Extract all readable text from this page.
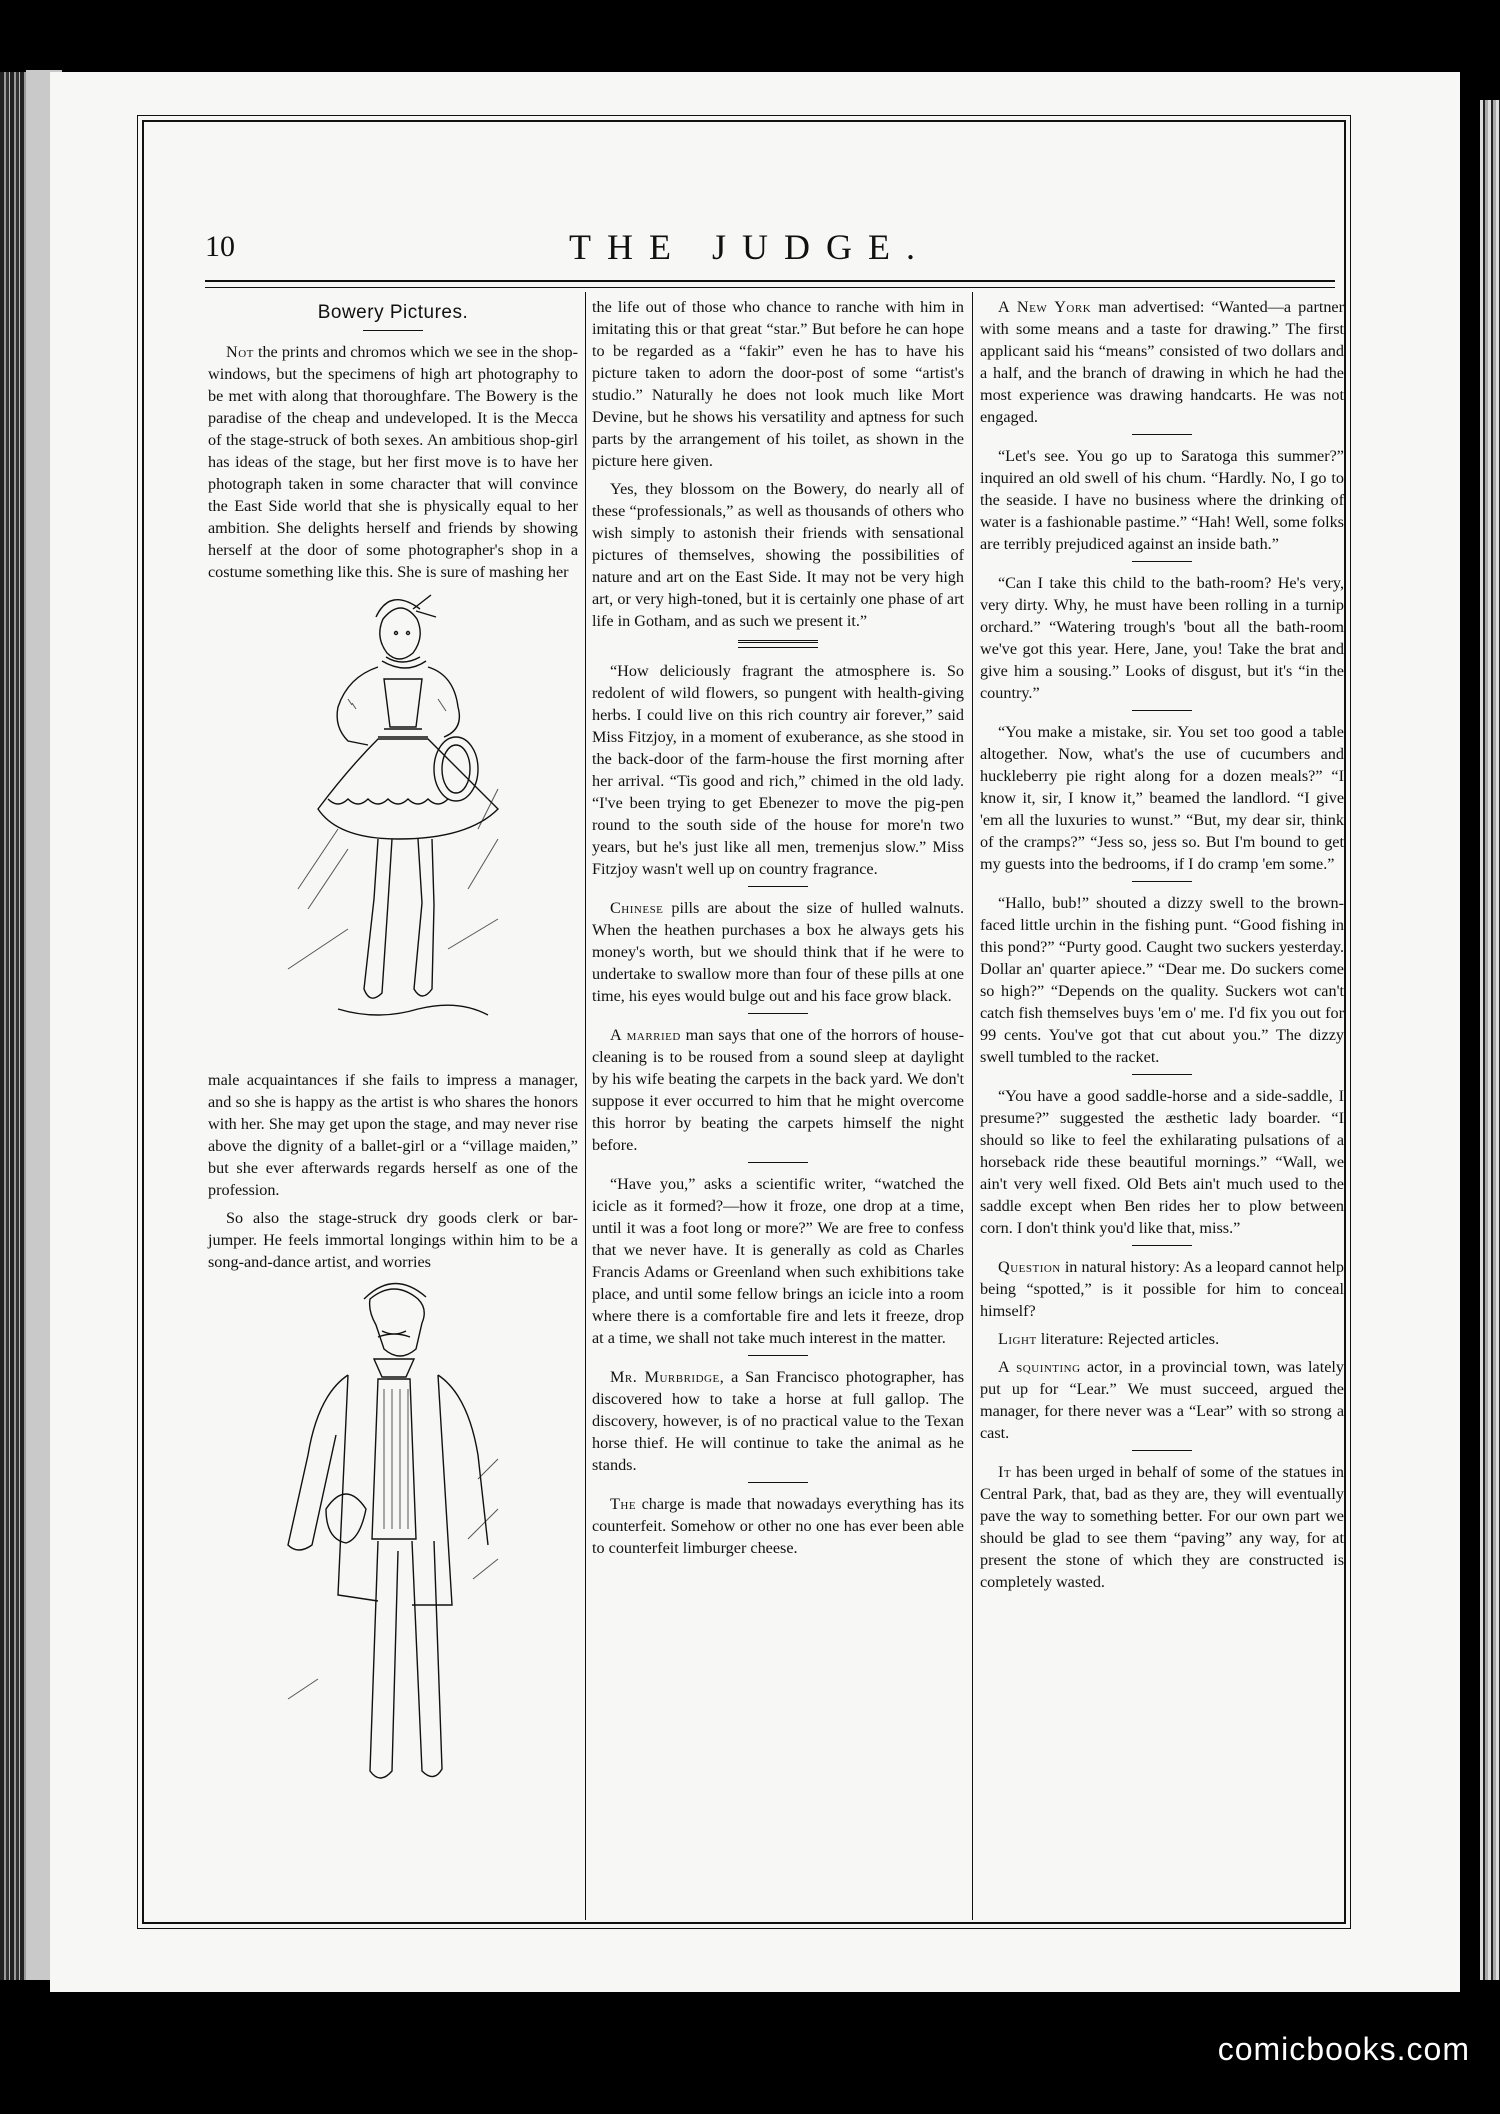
10	THE JUDGE.
Bowery Pictures.

Not the prints and chromos which we see in the shop-windows, but the specimens of high art photography to be met with along that thoroughfare. The Bowery is the paradise of the cheap and undeveloped. It is the Mecca of the stage-struck of both sexes. An ambitious shop-girl has ideas of the stage, but her first move is to have her photograph taken in some character that will convince the East Side world that she is physically equal to her ambition. She delights herself and friends by showing herself at the door of some photographer's shop in a costume something like this. She is sure of mashing her

male acquaintances if she fails to impress a manager, and so she is happy as the artist is who shares the honors with her. She may get upon the stage, and may never rise above the dignity of a ballet-girl or a “village maiden,” but she ever afterwards regards herself as one of the profession.

So also the stage-struck dry goods clerk or bar-jumper. He feels immortal longings within him to be a song-and-dance artist, and worries

the life out of those who chance to ranche with him in imitating this or that great “star.” But before he can hope to be regarded as a “fakir” even he has to have his picture taken to adorn the door-post of some “artist's studio.” Naturally he does not look much like Mort Devine, but he shows his versatility and aptness for such parts by the arrangement of his toilet, as shown in the picture here given.

Yes, they blossom on the Bowery, do nearly all of these “professionals,” as well as thousands of others who wish simply to astonish their friends with sensational pictures of themselves, showing the possibilities of nature and art on the East Side. It may not be very high art, or very high-toned, but it is certainly one phase of art life in Gotham, and as such we present it.”

“How deliciously fragrant the atmosphere is. So redolent of wild flowers, so pungent with health-giving herbs. I could live on this rich country air forever,” said Miss Fitzjoy, in a moment of exuberance, as she stood in the back-door of the farm-house the first morning after her arrival. “Tis good and rich,” chimed in the old lady. “I've been trying to get Ebenezer to move the pig-pen round to the south side of the house for more'n two years, but he's just like all men, tremenjus slow.” Miss Fitzjoy wasn't well up on country fragrance.

Chinese pills are about the size of hulled walnuts. When the heathen purchases a box he always gets his money's worth, but we should think that if he were to undertake to swallow more than four of these pills at one time, his eyes would bulge out and his face grow black.

A married man says that one of the horrors of house-cleaning is to be roused from a sound sleep at daylight by his wife beating the carpets in the back yard. We don't suppose it ever occurred to him that he might overcome this horror by beating the carpets himself the night before.

“Have you,” asks a scientific writer, “watched the icicle as it formed?—how it froze, one drop at a time, until it was a foot long or more?” We are free to confess that we never have. It is generally as cold as Charles Francis Adams or Greenland when such exhibitions take place, and until some fellow brings an icicle into a room where there is a comfortable fire and lets it freeze, drop at a time, we shall not take much interest in the matter.

Mr. Murbridge, a San Francisco photographer, has discovered how to take a horse at full gallop. The discovery, however, is of no practical value to the Texan horse thief. He will continue to take the animal as he stands.

The charge is made that nowadays everything has its counterfeit. Somehow or other no one has ever been able to counterfeit limburger cheese.

A New York man advertised: “Wanted—a partner with some means and a taste for drawing.” The first applicant said his “means” consisted of two dollars and a half, and the branch of drawing in which he had the most experience was drawing handcarts. He was not engaged.

“Let's see. You go up to Saratoga this summer?” inquired an old swell of his chum. “Hardly. No, I go to the seaside. I have no business where the drinking of water is a fashionable pastime.” “Hah! Well, some folks are terribly prejudiced against an inside bath.”

“Can I take this child to the bath-room? He's very, very dirty. Why, he must have been rolling in a turnip orchard.” “Watering trough's 'bout all the bath-room we've got this year. Here, Jane, you! Take the brat and give him a sousing.” Looks of disgust, but it's “in the country.”

“You make a mistake, sir. You set too good a table altogether. Now, what's the use of cucumbers and huckleberry pie right along for a dozen meals?” “I know it, sir, I know it,” beamed the landlord. “I give 'em all the luxuries to wunst.” “But, my dear sir, think of the cramps?” “Jess so, jess so. But I'm bound to get my guests into the bedrooms, if I do cramp 'em some.”

“Hallo, bub!” shouted a dizzy swell to the brown-faced little urchin in the fishing punt. “Good fishing in this pond?” “Purty good. Caught two suckers yesterday. Dollar an' quarter apiece.” “Dear me. Do suckers come so high?” “Depends on the quality. Suckers wot can't catch fish themselves buys 'em o' me. I'd fix you out for 99 cents. You've got that cut about you.” The dizzy swell tumbled to the racket.

“You have a good saddle-horse and a side-saddle, I presume?” suggested the æsthetic lady boarder. “I should so like to feel the exhilarating pulsations of a horseback ride these beautiful mornings.” “Wall, we ain't very well fixed. Old Bets ain't much used to the saddle except when Ben rides her to plow between corn. I don't think you'd like that, miss.”

Question in natural history: As a leopard cannot help being “spotted,” is it possible for him to conceal himself?

Light literature: Rejected articles.

A squinting actor, in a provincial town, was lately put up for “Lear.” We must succeed, argued the manager, for there never was a “Lear” with so strong a cast.

It has been urged in behalf of some of the statues in Central Park, that, bad as they are, they will eventually pave the way to something better. For our own part we should be glad to see them “paving” any way, for at present the stone of which they are constructed is completely wasted.

comicbooks.com
